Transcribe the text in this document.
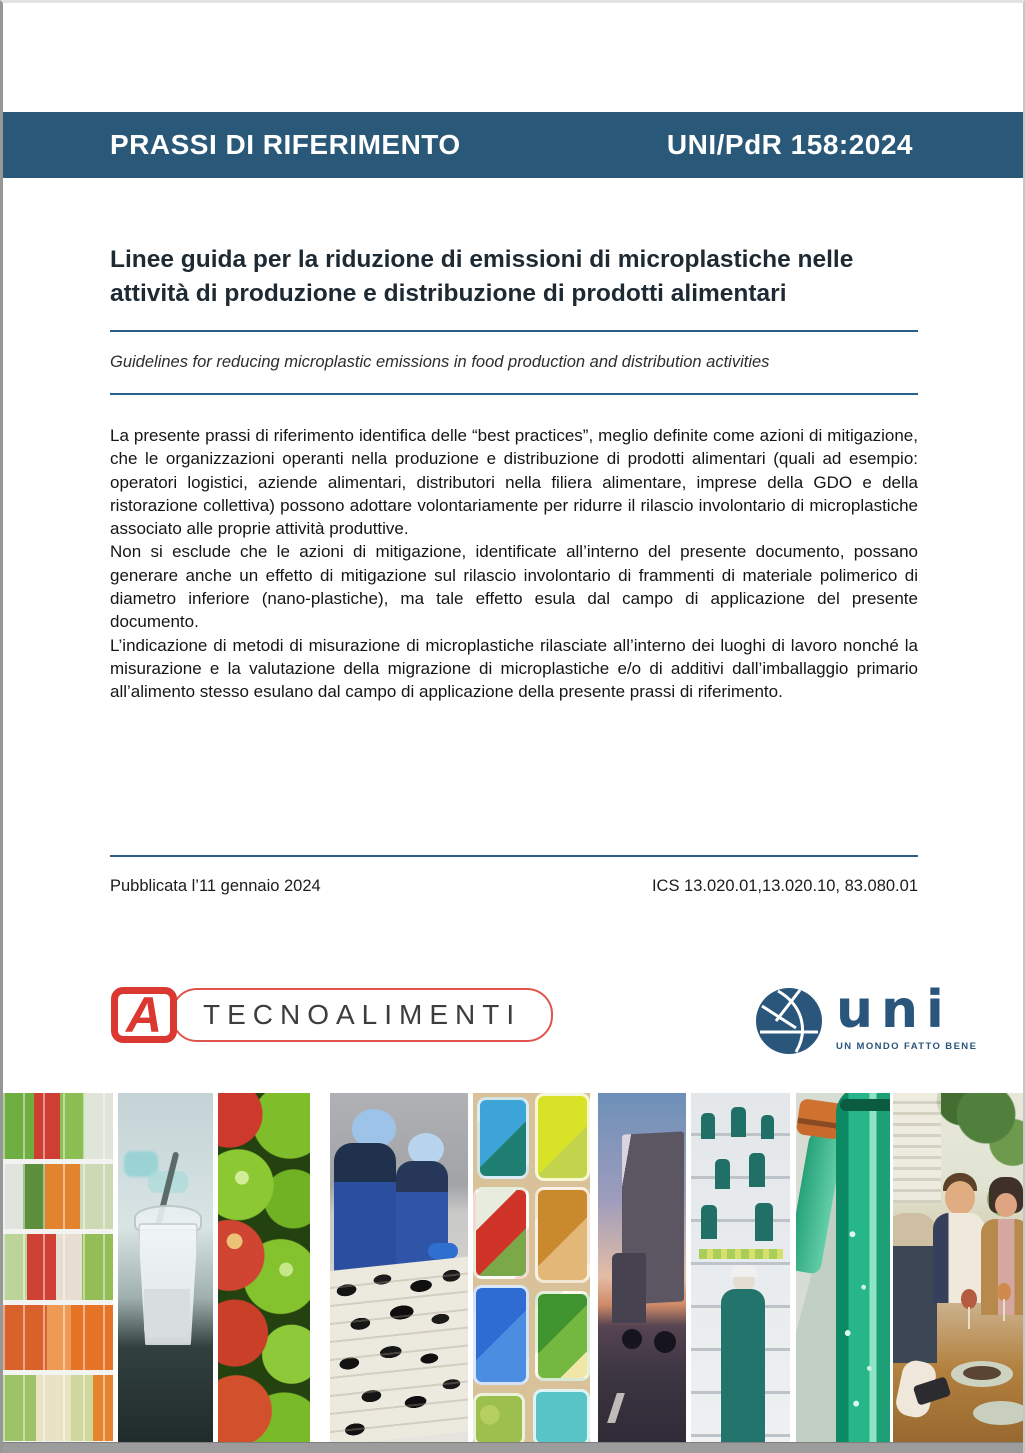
PRASSI DI RIFERIMENTO	UNI/PdR 158:2024
Linee guida per la riduzione di emissioni di microplastiche nelle attività di produzione e distribuzione di prodotti alimentari
Guidelines for reducing microplastic emissions in food production and distribution activities

La presente prassi di riferimento identifica delle “best practices”, meglio definite come azioni di mitigazione, che le organizzazioni operanti nella produzione e distribuzione di prodotti alimentari (quali ad esempio: operatori logistici, aziende alimentari, distributori nella filiera alimentare, imprese della GDO e della ristorazione collettiva) possono adottare volontariamente per ridurre il rilascio involontario di microplastiche associato alle proprie attività produttive.

Non si esclude che le azioni di mitigazione, identificate all’interno del presente documento, possano generare anche un effetto di mitigazione sul rilascio involontario di frammenti di materiale polimerico di diametro inferiore (nano-plastiche), ma tale effetto esula dal campo di applicazione del presente documento.

L’indicazione di metodi di misurazione di microplastiche rilasciate all’interno dei luoghi di lavoro nonché la misurazione e la valutazione della migrazione di microplastiche e/o di additivi dall’imballaggio primario all’alimento stesso esulano dal campo di applicazione della presente prassi di riferimento.

Pubblicata l’11 gennaio 2024	ICS 13.020.01,13.020.10, 83.080.01
A TECNOALIMENTI	uni
UN MONDO FATTO BENE
